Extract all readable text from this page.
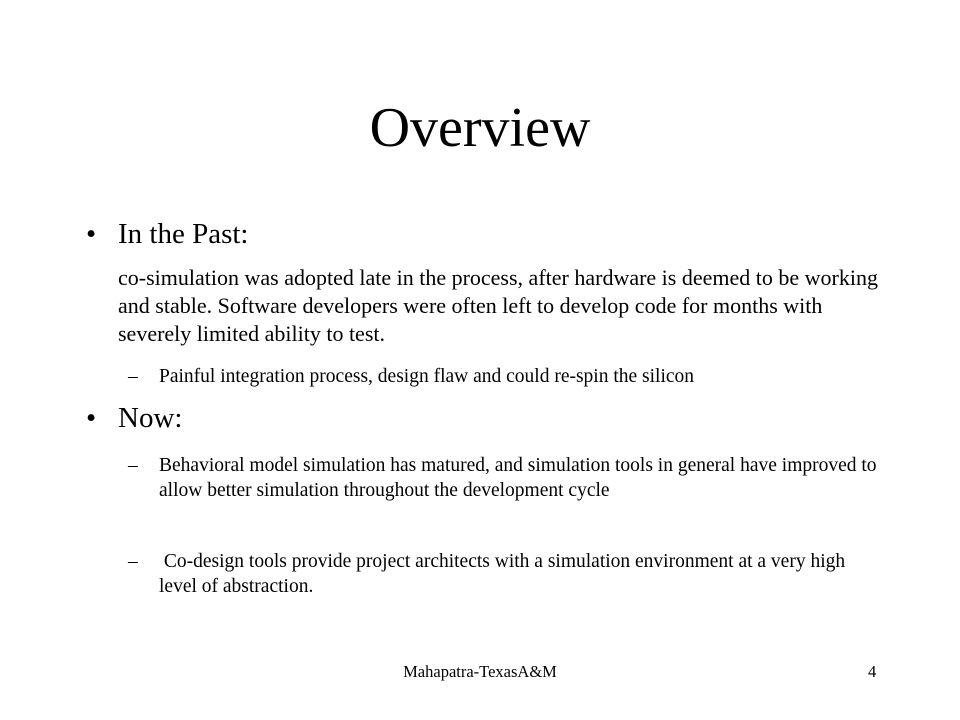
Overview
• In the Past:
co-simulation was adopted late in the process, after hardware is deemed to be working and stable. Software developers were often left to develop code for months with severely limited ability to test.
– Painful integration process, design flaw and could re-spin the silicon
• Now:
– Behavioral model simulation has matured, and simulation tools in general have improved to allow better simulation throughout the development cycle
– Co-design tools provide project architects with a simulation environment at a very high level of abstraction.
Mahapatra-TexasA&M	4
